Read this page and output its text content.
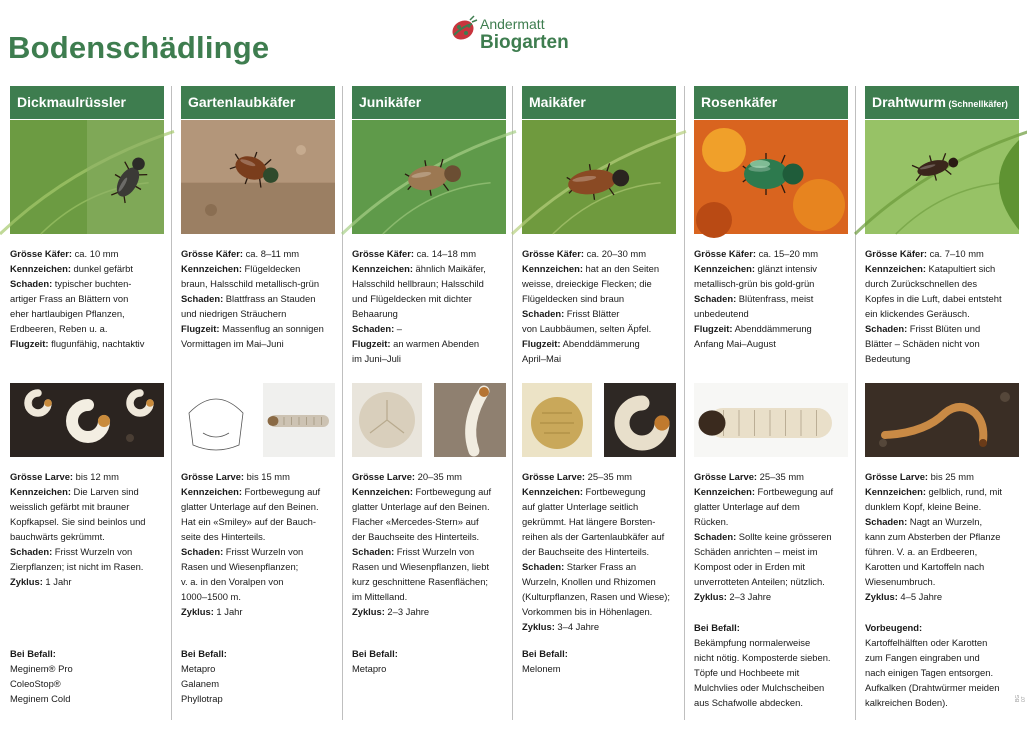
Bodenschädlinge
Andermatt
Biogarten
Dickmaulrüssler
Grösse Käfer: ca. 10 mm
Kennzeichen: dunkel gefärbt
Schaden: typischer buchten-
artiger Frass an Blättern von
eher hartlaubigen Pflanzen,
Erdbeeren, Reben u. a.
Flugzeit: flugunfähig, nachtaktiv
Grösse Larve: bis 12 mm
Kennzeichen: Die Larven sind
weisslich gefärbt mit brauner
Kopfkapsel. Sie sind beinlos und
bauchwärts gekrümmt.
Schaden: Frisst Wurzeln von
Zierpflanzen; ist nicht im Rasen.
Zyklus: 1 Jahr
Bei Befall:
Meginem® Pro
ColeoStop®
Meginem Cold
Gartenlaubkäfer
Grösse Käfer: ca. 8–11 mm
Kennzeichen: Flügeldecken
braun, Halsschild metallisch-grün
Schaden: Blattfrass an Stauden
und niedrigen Sträuchern
Flugzeit: Massenflug an sonnigen
Vormittagen im Mai–Juni
Grösse Larve: bis 15 mm
Kennzeichen: Fortbewegung auf
glatter Unterlage auf den Beinen.
Hat ein «Smiley» auf der Bauch-
seite des Hinterteils.
Schaden: Frisst Wurzeln von
Rasen und Wiesenpflanzen;
v. a. in den Voralpen von
1000–1500 m.
Zyklus: 1 Jahr
Bei Befall:
Metapro
Galanem
Phyllotrap
Junikäfer
Grösse Käfer: ca. 14–18 mm
Kennzeichen: ähnlich Maikäfer,
Halsschild hellbraun; Halsschild
und Flügeldecken mit dichter
Behaarung
Schaden: –
Flugzeit: an warmen Abenden
im Juni–Juli
Grösse Larve: 20–35 mm
Kennzeichen: Fortbewegung auf
glatter Unterlage auf den Beinen.
Flacher «Mercedes-Stern» auf
der Bauchseite des Hinterteils.
Schaden: Frisst Wurzeln von
Rasen und Wiesenpflanzen, liebt
kurz geschnittene Rasenflächen;
im Mittelland.
Zyklus: 2–3 Jahre
Bei Befall:
Metapro
Maikäfer
Grösse Käfer: ca. 20–30 mm
Kennzeichen: hat an den Seiten
weisse, dreieckige Flecken; die
Flügeldecken sind braun
Schaden: Frisst Blätter
von Laubbäumen, selten Äpfel.
Flugzeit: Abenddämmerung
April–Mai
Grösse Larve: 25–35 mm
Kennzeichen: Fortbewegung
auf glatter Unterlage seitlich
gekrümmt. Hat längere Borsten-
reihen als der Gartenlaubkäfer auf
der Bauchseite des Hinterteils.
Schaden: Starker Frass an
Wurzeln, Knollen und Rhizomen
(Kulturpflanzen, Rasen und Wiese);
Vorkommen bis in Höhenlagen.
Zyklus: 3–4 Jahre
Bei Befall:
Melonem
Rosenkäfer
Grösse Käfer: ca. 15–20 mm
Kennzeichen: glänzt intensiv
metallisch-grün bis gold-grün
Schaden: Blütenfrass, meist
unbedeutend
Flugzeit: Abenddämmerung
Anfang Mai–August
Grösse Larve: 25–35 mm
Kennzeichen: Fortbewegung auf
glatter Unterlage auf dem
Rücken.
Schaden: Sollte keine grösseren
Schäden anrichten – meist im
Kompost oder in Erden mit
unverrotteten Anteilen; nützlich.
Zyklus: 2–3 Jahre
Bei Befall:
Bekämpfung normalerweise
nicht nötig. Komposterde sieben.
Töpfe und Hochbeete mit
Mulchvlies oder Mulchscheiben
aus Schafwolle abdecken.
Drahtwurm (Schnellkäfer)
Grösse Käfer: ca. 7–10 mm
Kennzeichen: Katapultiert sich
durch Zurückschnellen des
Kopfes in die Luft, dabei entsteht
ein klickendes Geräusch.
Schaden: Frisst Blüten und
Blätter – Schäden nicht von
Bedeutung
Grösse Larve: bis 25 mm
Kennzeichen: gelblich, rund, mit
dunklem Kopf, kleine Beine.
Schaden: Nagt an Wurzeln,
kann zum Absterben der Pflanze
führen. V. a. an Erdbeeren,
Karotten und Kartoffeln nach
Wiesenumbruch.
Zyklus: 4–5 Jahre
Vorbeugend:
Kartoffelhälften oder Karotten
zum Fangen eingraben und
nach einigen Tagen entsorgen.
Aufkalken (Drahtwürmer meiden
kalkreichen Boden).	BG 07
